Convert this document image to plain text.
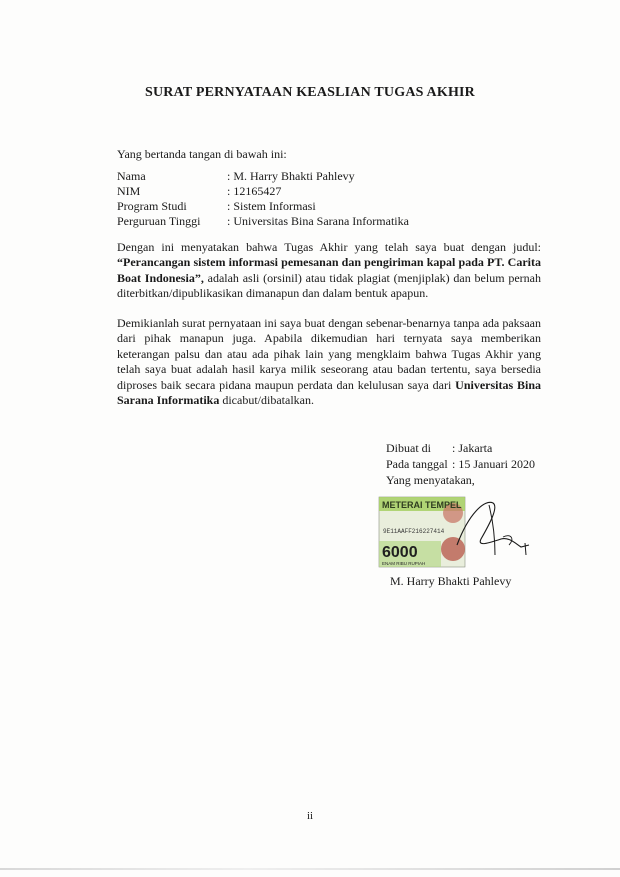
SURAT PERNYATAAN KEASLIAN TUGAS AKHIR
Yang bertanda tangan di bawah ini:
Nama	: M. Harry Bhakti Pahlevy
NIM	: 12165427
Program Studi	: Sistem Informasi
Perguruan Tinggi	: Universitas Bina Sarana Informatika
Dengan ini menyatakan bahwa Tugas Akhir yang telah saya buat dengan judul: “Perancangan sistem informasi pemesanan dan pengiriman kapal pada PT. Carita Boat Indonesia”, adalah asli (orsinil) atau tidak plagiat (menjiplak) dan belum pernah diterbitkan/dipublikasikan dimanapun dan dalam bentuk apapun.
Demikianlah surat pernyataan ini saya buat dengan sebenar-benarnya tanpa ada paksaan dari pihak manapun juga. Apabila dikemudian hari ternyata saya memberikan keterangan palsu dan atau ada pihak lain yang mengklaim bahwa Tugas Akhir yang telah saya buat adalah hasil karya milik seseorang atau badan tertentu, saya bersedia diproses baik secara pidana maupun perdata dan kelulusan saya dari Universitas Bina Sarana Informatika dicabut/dibatalkan.
Dibuat di	: Jakarta
Pada tanggal : 15 Januari 2020
Yang menyatakan,
METERAI TEMPEL
9E11AAFF216227414
6000
ENAM RIBU RUPIAH
M. Harry Bhakti Pahlevy
ii
